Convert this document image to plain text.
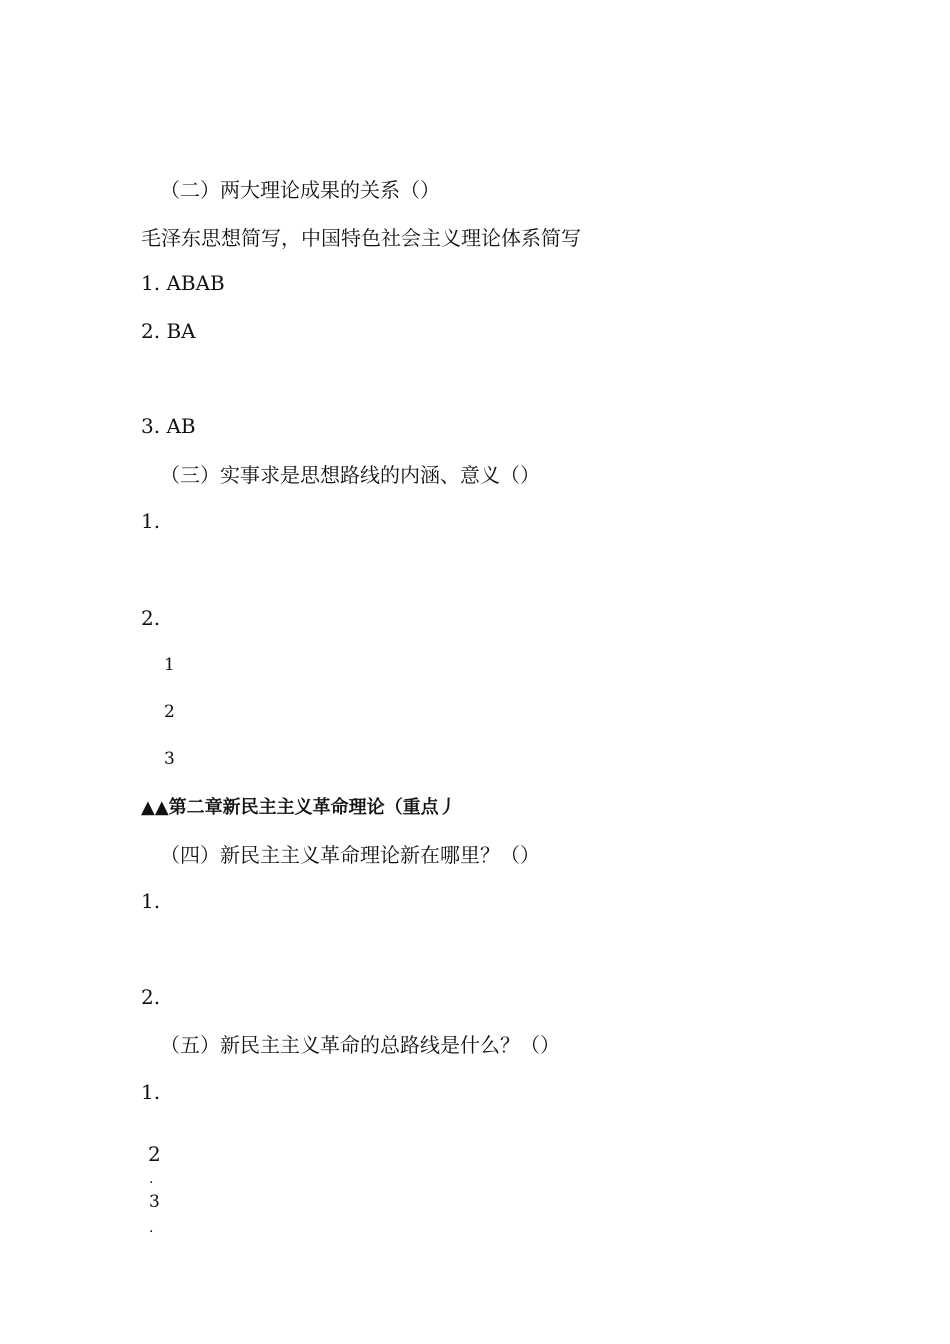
（二）两大理论成果的关系（）
毛泽东思想简写，中国特色社会主义理论体系简写
1. ABAB
2. BA
3. AB
（三）实事求是思想路线的内涵、意义（）
1.
2.
1
2
3
▲▲第二章新民主主义革命理论（重点丿
（四）新民主主义革命理论新在哪里？（）
1.
2.
（五）新民主主义革命的总路线是什么？（）
1.
2
.
3
.
